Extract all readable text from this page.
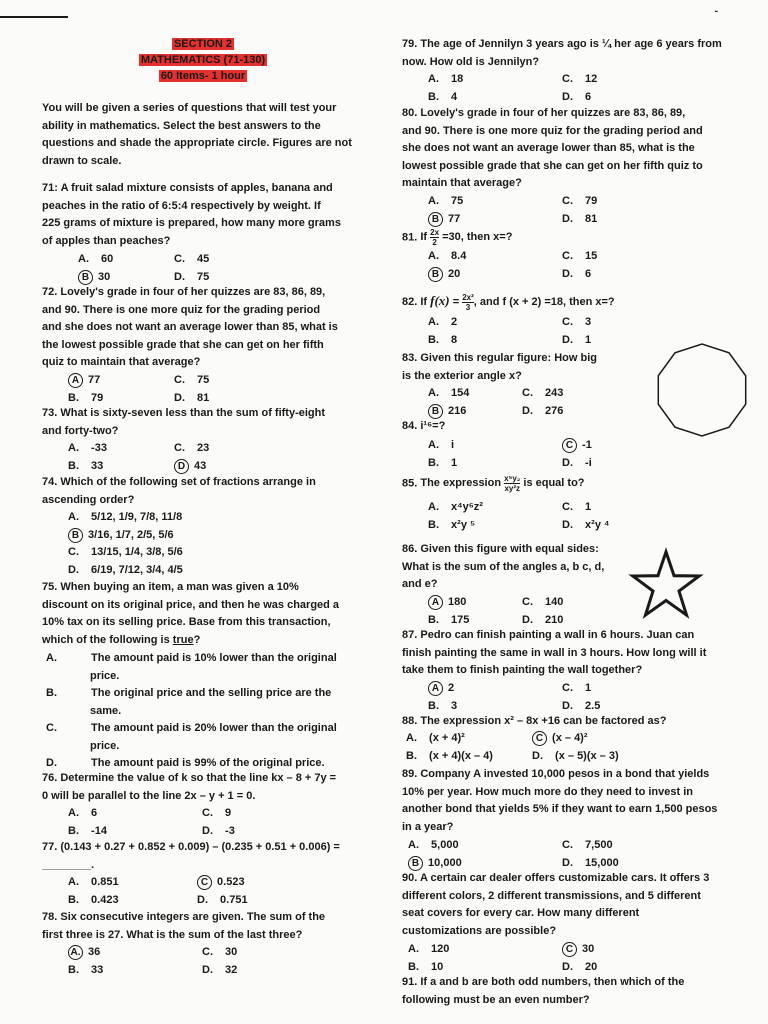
-
SECTION 2
MATHEMATICS (71-130)
60 Items- 1 hour
You will be given a series of questions that will test your ability in mathematics. Select the best answers to the questions and shade the appropriate circle. Figures are not drawn to scale.
71: A fruit salad mixture consists of apples, banana and peaches in the ratio of 6:5:4 respectively by weight. If 225 grams of mixture is prepared, how many more grams of apples than peaches?
A. 60	C. 45
B 30	D. 75
72. Lovely's grade in four of her quizzes are 83, 86, 89, and 90. There is one more quiz for the grading period and she does not want an average lower than 85, what is the lowest possible grade that she can get on her fifth quiz to maintain that average?
A 77	C. 75
B. 79	D. 81
73. What is sixty-seven less than the sum of fifty-eight and forty-two?
A. -33	C. 23
B. 33	D 43
74. Which of the following set of fractions arrange in ascending order?
A. 5/12, 1/9, 7/8, 11/8
B 3/16, 1/7, 2/5, 5/6
C. 13/15, 1/4, 3/8, 5/6
D. 6/19, 7/12, 3/4, 4/5
75. When buying an item, a man was given a 10% discount on its original price, and then he was charged a 10% tax on its selling price. Base from this transaction, which of the following is true?
A.	The amount paid is 10% lower than the original price.
B.	The original price and the selling price are the same.
C.	The amount paid is 20% lower than the original price.
D.	The amount paid is 99% of the original price.
76. Determine the value of k so that the line kx – 8 + 7y = 0 will be parallel to the line 2x – y + 1 = 0.
A. 6	C. 9
B. -14	D. -3
77. (0.143 + 0.27 + 0.852 + 0.009) – (0.235 + 0.51 + 0.006) = ________.
A. 0.851	C 0.523
B. 0.423	D. 0.751
78. Six consecutive integers are given. The sum of the first three is 27. What is the sum of the last three?
A. 36	C. 30
B. 33	D. 32
79. The age of Jennilyn 3 years ago is ¼ her age 6 years from now. How old is Jennilyn?
A. 18	C. 12
B. 4	D. 6
80. Lovely's grade in four of her quizzes are 83, 86, 89, and 90. There is one more quiz for the grading period and she does not want an average lower than 85, what is the lowest possible grade that she can get on her fifth quiz to maintain that average?
A. 75	C. 79
B 77	D. 81
81. If $\frac{2x}{2} =30$, then x=?
A. 8.4	C. 15
B 20	D. 6
82. If $f(x) = \frac{\text{2x²}}{3}$ , and f (x + 2) =18, then x=?
A. 2	C. 3
B. 8	D. 1
83. Given this regular figure: How big is the exterior angle x?
A. 154	C. 243
B 216	D. 276
84. i¹⁶=?
A. i	C -1
B. 1	D. -i
85. The expression $\frac{\text{x⁵y₂}}{\text{xy²z}}$ is equal to?
A. x⁴y⁶z²	C. 1
B. x²y ⁵	D. x²y ⁴
86. Given this figure with equal sides: What is the sum of the angles a, b c, d, and e?
A 180	C. 140
B. 175	D. 210
87. Pedro can finish painting a wall in 6 hours. Juan can finish painting the same in wall in 3 hours. How long will it take them to finish painting the wall together?
A 2	C. 1
B. 3	D. 2.5
88. The expression x² – 8x +16 can be factored as?
A. (x + 4)²	C (x – 4)²
B. (x + 4)(x – 4)	D. (x – 5)(x – 3)
89. Company A invested 10,000 pesos in a bond that yields 10% per year. How much more do they need to invest in another bond that yields 5% if they want to earn 1,500 pesos in a year?
A. 5,000	C. 7,500
B 10,000	D. 15,000
90. A certain car dealer offers customizable cars. It offers 3 different colors, 2 different transmissions, and 5 different seat covers for every car. How many different customizations are possible?
A. 120	C 30
B. 10	D. 20
91. If a and b are both odd numbers, then which of the following must be an even number?
